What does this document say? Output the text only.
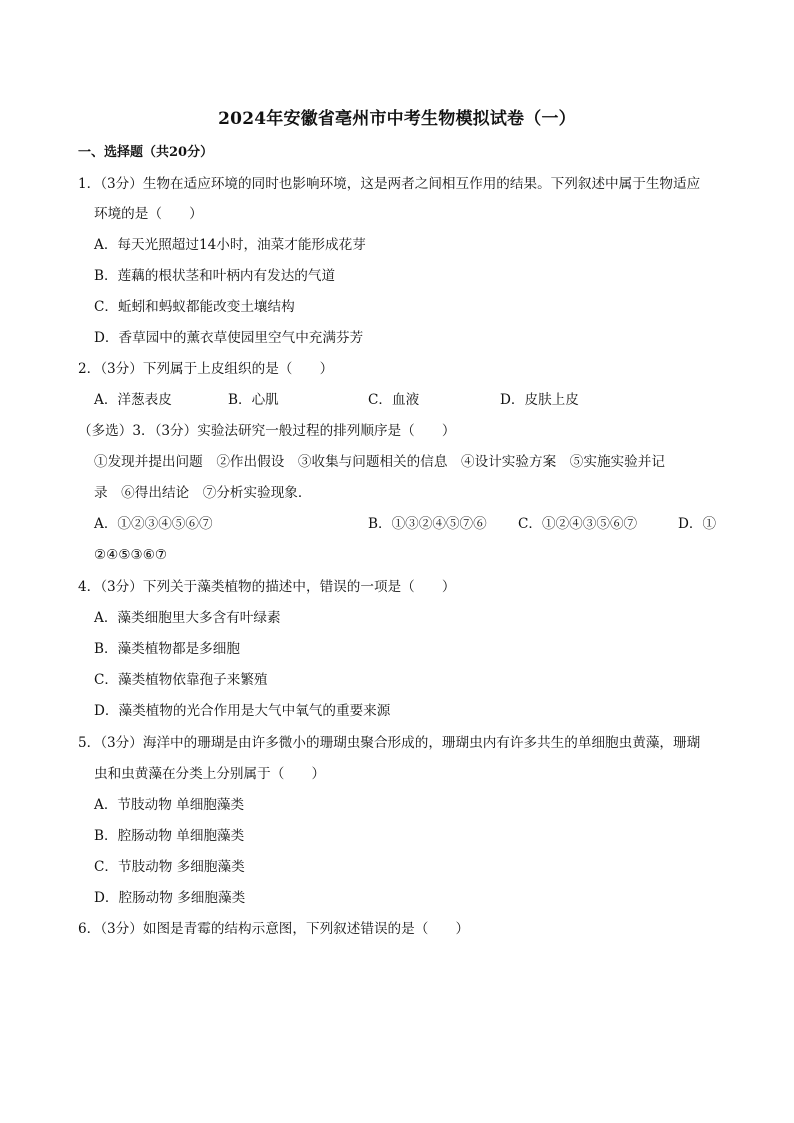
2024年安徽省亳州市中考生物模拟试卷（一）
一、选择题（共20分）
1．（3分）生物在适应环境的同时也影响环境，这是两者之间相互作用的结果。下列叙述中属于生物适应
环境的是（　　）
A．每天光照超过14小时，油菜才能形成花芽
B．莲藕的根状茎和叶柄内有发达的气道
C．蚯蚓和蚂蚁都能改变土壤结构
D．香草园中的薰衣草使园里空气中充满芬芳
2．（3分）下列属于上皮组织的是（　　）
A．洋葱表皮	B．心肌	C．血液	D．皮肤上皮
（多选）3．（3分）实验法研究一般过程的排列顺序是（　　）
①发现并提出问题　②作出假设　③收集与问题相关的信息　④设计实验方案　⑤实施实验并记
录　⑥得出结论　⑦分析实验现象．
A．①②③④⑤⑥⑦	B．①③②④⑤⑦⑥ C．①②④③⑤⑥⑦	D．①
②④⑤③⑥⑦
4．（3分）下列关于藻类植物的描述中，错误的一项是（　　）
A．藻类细胞里大多含有叶绿素
B．藻类植物都是多细胞
C．藻类植物依靠孢子来繁殖
D．藻类植物的光合作用是大气中氧气的重要来源
5．（3分）海洋中的珊瑚是由许多微小的珊瑚虫聚合形成的，珊瑚虫内有许多共生的单细胞虫黄藻，珊瑚
虫和虫黄藻在分类上分别属于（　　）
A．节肢动物 单细胞藻类
B．腔肠动物 单细胞藻类
C．节肢动物 多细胞藻类
D．腔肠动物 多细胞藻类
6．（3分）如图是青霉的结构示意图，下列叙述错误的是（　　）
